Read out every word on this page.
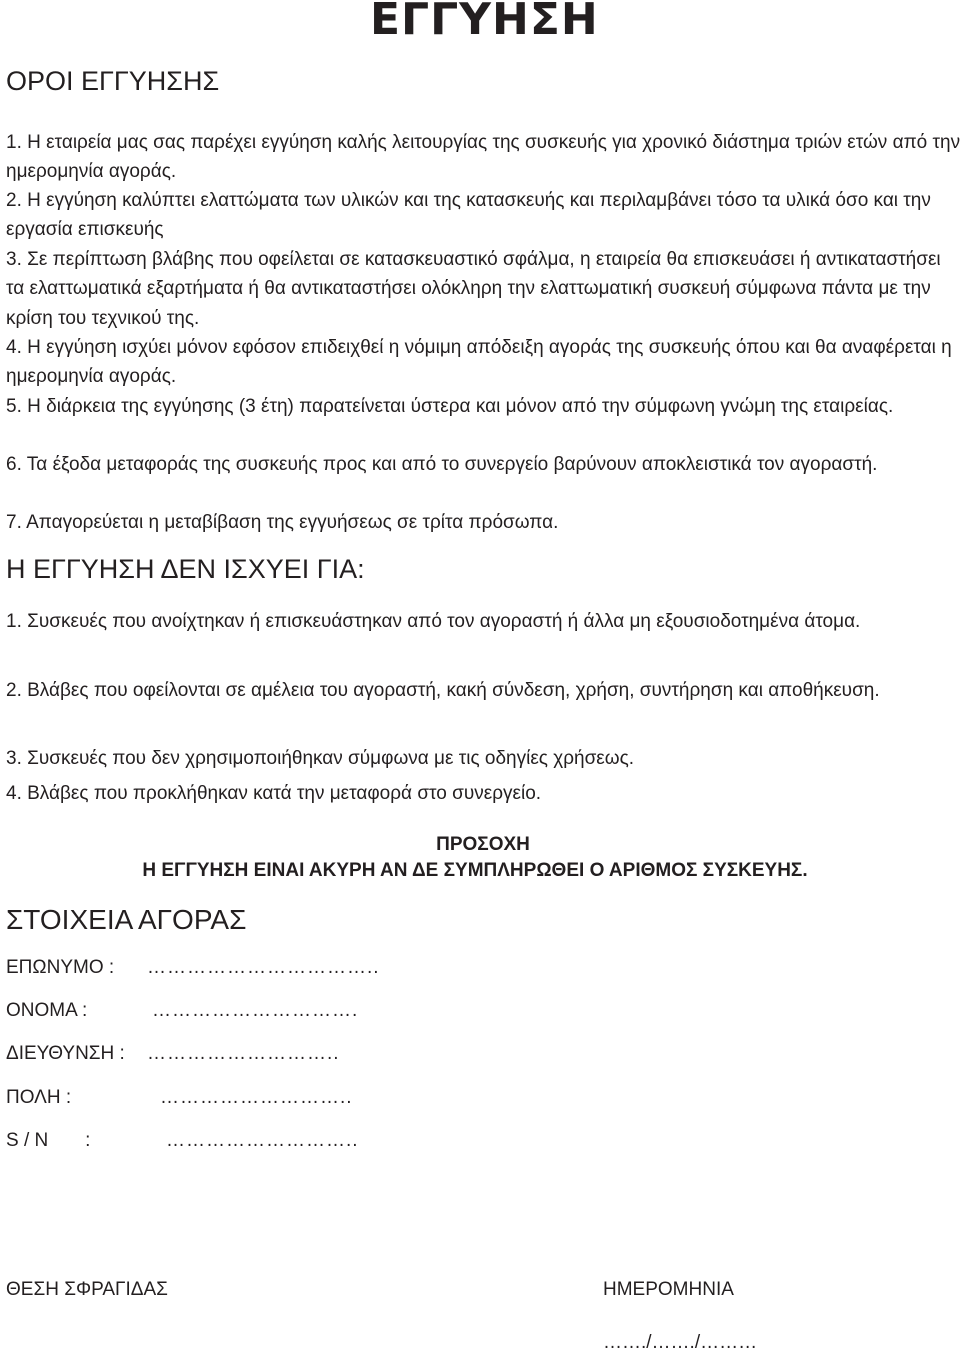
ΕΓΓΥΗΣΗ
ΟΡΟΙ ΕΓΓΥΗΣΗΣ
1. Η εταιρεία μας σας παρέχει εγγύηση καλής λειτουργίας της συσκευής για χρονικό διάστημα τριών ετών από την ημερομηνία αγοράς.
2. Η εγγύηση καλύπτει ελαττώματα των υλικών και της κατασκευής και περιλαμβάνει τόσο τα υλικά όσο και την εργασία επισκευής
3. Σε περίπτωση βλάβης που οφείλεται σε κατασκευαστικό σφάλμα, η εταιρεία θα επισκευάσει ή αντικαταστήσει τα ελαττωματικά εξαρτήματα ή θα αντικαταστήσει ολόκληρη την ελαττωματική συσκευή σύμφωνα πάντα με την κρίση του τεχνικού της.
4. Η εγγύηση ισχύει μόνον εφόσον επιδειχθεί η νόμιμη απόδειξη αγοράς της συσκευής όπου και θα αναφέρεται η ημερομηνία αγοράς.
5. Η διάρκεια της εγγύησης (3 έτη) παρατείνεται ύστερα και μόνον από την σύμφωνη γνώμη της εταιρείας.
6. Τα έξοδα μεταφοράς της συσκευής προς και από το συνεργείο βαρύνουν αποκλειστικά τον αγοραστή.
7. Απαγορεύεται η μεταβίβαση της εγγυήσεως σε τρίτα πρόσωπα.
Η ΕΓΓΥΗΣΗ ΔΕΝ ΙΣΧΥΕΙ ΓΙΑ:
1. Συσκευές που ανοίχτηκαν ή επισκευάστηκαν από τον αγοραστή ή άλλα μη εξουσιοδοτημένα άτομα.
2. Βλάβες που οφείλονται σε αμέλεια του αγοραστή, κακή σύνδεση, χρήση, συντήρηση και αποθήκευση.
3. Συσκευές που δεν χρησιμοποιήθηκαν σύμφωνα με τις οδηγίες χρήσεως.
4. Βλάβες που προκλήθηκαν κατά την μεταφορά στο συνεργείο.
ΠΡΟΣΟΧΗ
Η ΕΓΓΥΗΣΗ ΕΙΝΑΙ ΑΚΥΡΗ ΑΝ ΔΕ ΣΥΜΠΛΗΡΩΘΕΙ Ο ΑΡΙΘΜΟΣ ΣΥΣΚΕΥΗΣ.
ΣΤΟΙΧΕΙΑ ΑΓΟΡΑΣ
ΕΠΩΝΥΜΟ : ……………………………..
ΟΝΟΜΑ :	………………………….
ΔΙΕΥΘΥΝΣΗ : ………………………..
ΠΟΛΗ :	………………………..
S / N       :	………………………..
ΘΕΣΗ ΣΦΡΑΓΙΔΑΣ	ΗΜΕΡΟΜΗΝΙΑ
……./……./………
